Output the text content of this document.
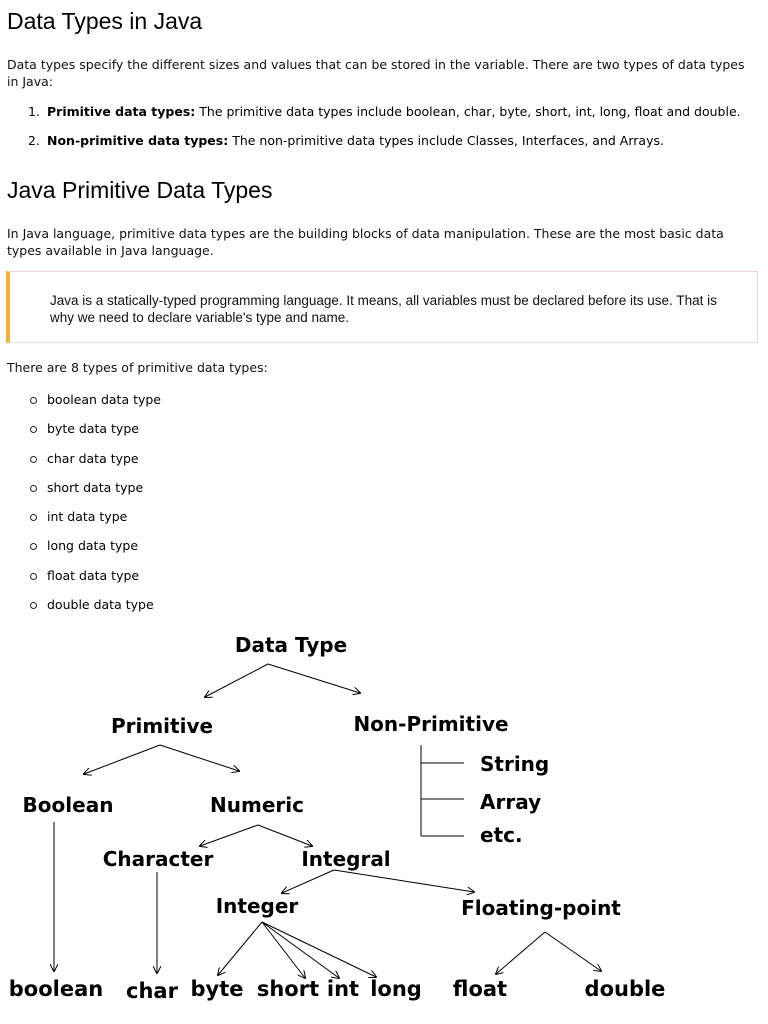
Data Types in Java

Data types specify the different sizes and values that can be stored in the variable. There are two types of data types in Java:

1. Primitive data types: The primitive data types include boolean, char, byte, short, int, long, float and double.
2. Non-primitive data types: The non-primitive data types include Classes, Interfaces, and Arrays.
Java Primitive Data Types

In Java language, primitive data types are the building blocks of data manipulation. These are the most basic data types available in Java language.

Java is a statically-typed programming language. It means, all variables must be declared before its use. That is why we need to declare variable's type and name.

There are 8 types of primitive data types:

boolean data type
byte data type
char data type
short data type
int data type
long data type
float data type
double data type
Data Type
Primitive	Non-Primitive
String
Array
etc.
Boolean	Numeric
Character	Integral
Integer	Floating-point
boolean char byte short int long float	double
